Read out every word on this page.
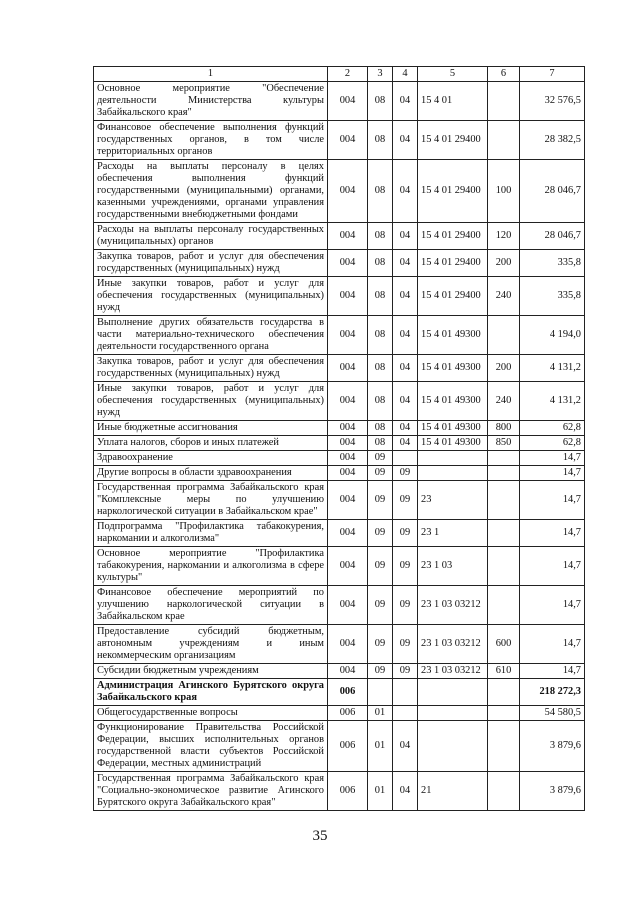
1	2	3	4	5	6	7
Основное мероприятие "Обеспечение деятельности Министерства культуры Забайкальского края"	004	08	04	15 4 01		32 576,5
Финансовое обеспечение выполнения функций государственных органов, в том числе территориальных органов	004	08	04	15 4 01 29400		28 382,5
Расходы на выплаты персоналу в целях обеспечения выполнения функций государственными (муниципальными) органами, казенными учреждениями, органами управления государственными внебюджетными фондами	004	08	04	15 4 01 29400	100	28 046,7
Расходы на выплаты персоналу государственных (муниципальных) органов	004	08	04	15 4 01 29400	120	28 046,7
Закупка товаров, работ и услуг для обеспечения государственных (муниципальных) нужд	004	08	04	15 4 01 29400	200	335,8
Иные закупки товаров, работ и услуг для обеспечения государственных (муниципальных) нужд	004	08	04	15 4 01 29400	240	335,8
Выполнение других обязательств государства в части материально-технического обеспечения деятельности государственного органа	004	08	04	15 4 01 49300		4 194,0
Закупка товаров, работ и услуг для обеспечения государственных (муниципальных) нужд	004	08	04	15 4 01 49300	200	4 131,2
Иные закупки товаров, работ и услуг для обеспечения государственных (муниципальных) нужд	004	08	04	15 4 01 49300	240	4 131,2
Иные бюджетные ассигнования	004	08	04	15 4 01 49300	800	62,8
Уплата налогов, сборов и иных платежей	004	08	04	15 4 01 49300	850	62,8
Здравоохранение	004	09				14,7
Другие вопросы в области здравоохранения	004	09	09			14,7
Государственная программа Забайкальского края "Комплексные меры по улучшению наркологической ситуации в Забайкальском крае"	004	09	09	23		14,7
Подпрограмма "Профилактика табакокурения, наркомании и алкоголизма"	004	09	09	23 1		14,7
Основное мероприятие "Профилактика табакокурения, наркомании и алкоголизма в сфере культуры"	004	09	09	23 1 03		14,7
Финансовое обеспечение мероприятий по улучшению наркологической ситуации в Забайкальском крае	004	09	09	23 1 03 03212		14,7
Предоставление субсидий бюджетным, автономным учреждениям и иным некоммерческим организациям	004	09	09	23 1 03 03212	600	14,7
Субсидии бюджетным учреждениям	004	09	09	23 1 03 03212	610	14,7
Администрация Агинского Бурятского округа Забайкальского края	006					218 272,3
Общегосударственные вопросы	006	01				54 580,5
Функционирование Правительства Российской Федерации, высших исполнительных органов государственной власти субъектов Российской Федерации, местных администраций	006	01	04			3 879,6
Государственная программа Забайкальского края "Социально-экономическое развитие Агинского Бурятского округа Забайкальского края"	006	01	04	21		3 879,6
35
